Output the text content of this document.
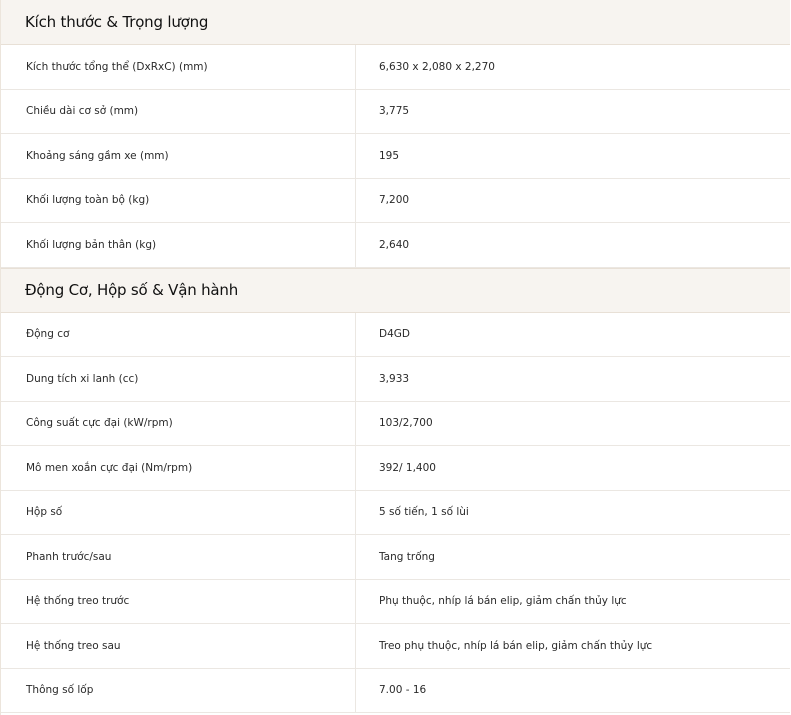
Kích thước & Trọng lượng
Kích thước tổng thể (DxRxC) (mm)	6,630 x 2,080 x 2,270
Chiều dài cơ sở (mm)	3,775
Khoảng sáng gầm xe (mm)	195
Khối lượng toàn bộ (kg)	7,200
Khối lượng bản thân (kg)	2,640
Động Cơ, Hộp số & Vận hành
Động cơ	D4GD
Dung tích xi lanh (cc)	3,933
Công suất cực đại (kW/rpm)	103/2,700
Mô men xoắn cực đại (Nm/rpm)	392/ 1,400
Hộp số	5 số tiến, 1 số lùi
Phanh trước/sau	Tang trống
Hệ thống treo trước	Phụ thuộc, nhíp lá bán elip, giảm chấn thủy lực
Hệ thống treo sau	Treo phụ thuộc, nhíp lá bán elip, giảm chấn thủy lực
Thông số lốp	7.00 - 16
